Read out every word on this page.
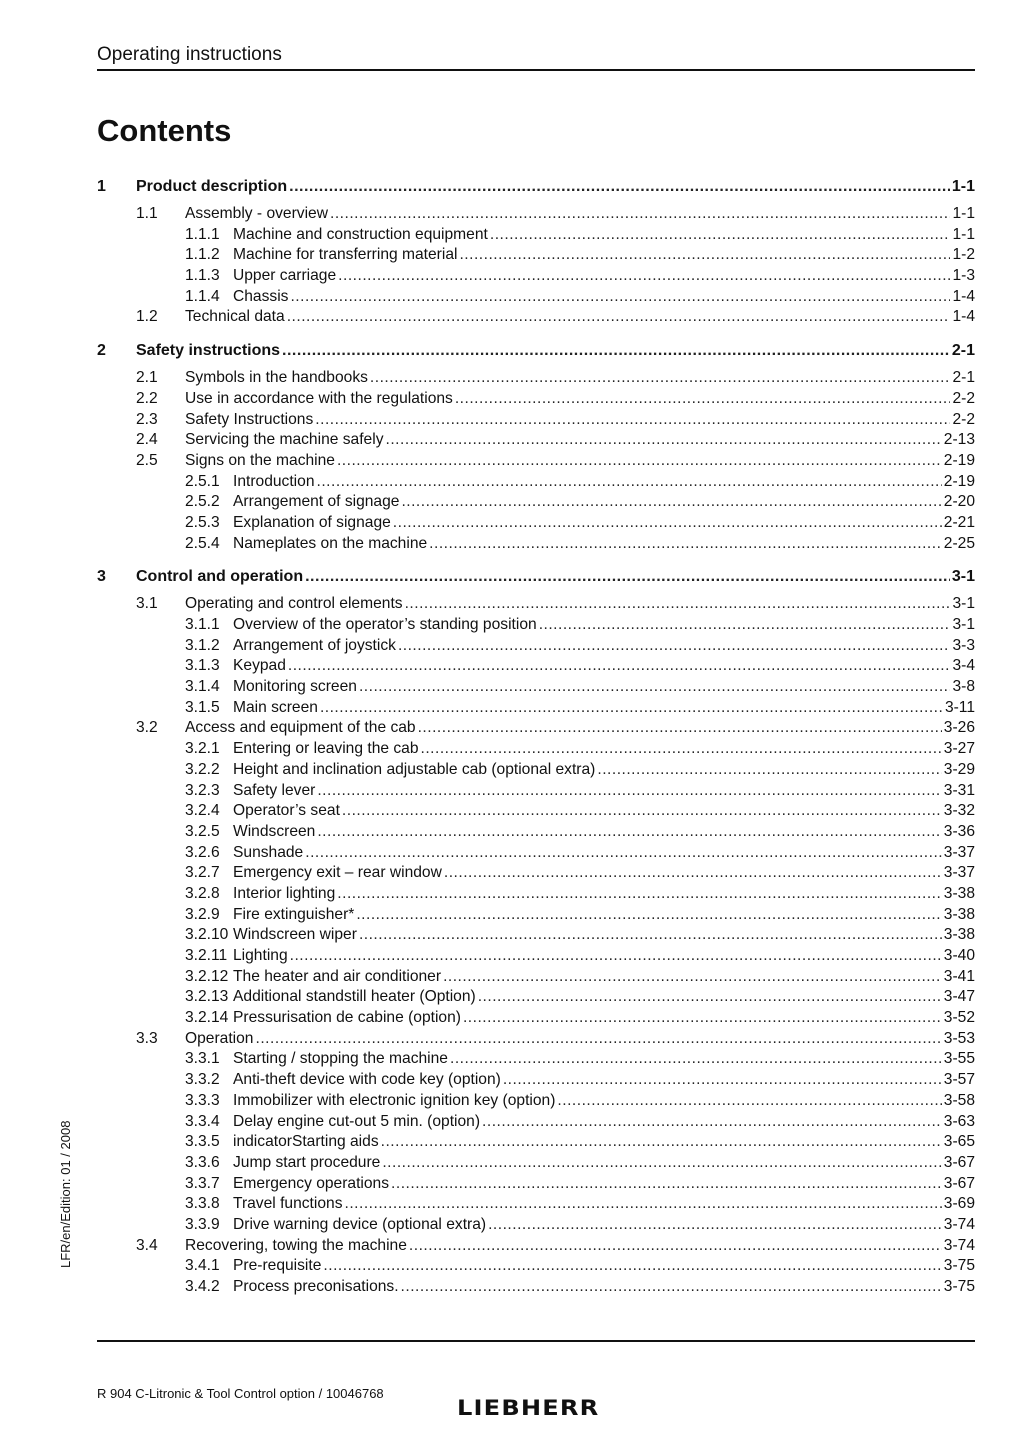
Operating instructions
Contents
1	Product description .....	1-1
1.1	Assembly - overview .....	1-1
1.1.1 Machine and construction equipment .....	1-1
1.1.2 Machine for transferring material .....	1-2
1.1.3 Upper carriage .....	1-3
1.1.4 Chassis .....	1-4
1.2	Technical data .....	1-4
2	Safety instructions .....	2-1
2.1	Symbols in the handbooks .....	2-1
2.2	Use in accordance with the regulations .....	2-2
2.3	Safety Instructions .....	2-2
2.4	Servicing the machine safely .....	2-13
2.5	Signs on the machine .....	2-19
2.5.1 Introduction .....	2-19
2.5.2 Arrangement of signage .....	2-20
2.5.3 Explanation of signage .....	2-21
2.5.4 Nameplates on the machine .....	2-25
3	Control and operation .....	3-1
3.1	Operating and control elements .....	3-1
3.1.1 Overview of the operator’s standing position .....	3-1
3.1.2 Arrangement of joystick .....	3-3
3.1.3 Keypad .....	3-4
3.1.4 Monitoring screen .....	3-8
3.1.5 Main screen .....	3-11
3.2	Access and equipment of the cab .....	3-26
3.2.1 Entering or leaving the cab .....	3-27
3.2.2 Height and inclination adjustable cab (optional extra) .....	3-29
3.2.3 Safety lever .....	3-31
3.2.4 Operator’s seat .....	3-32
3.2.5 Windscreen .....	3-36
3.2.6 Sunshade .....	3-37
3.2.7 Emergency exit – rear window .....	3-37
3.2.8 Interior lighting .....	3-38
3.2.9 Fire extinguisher* .....	3-38
3.2.10 Windscreen wiper .....	3-38
3.2.11 Lighting .....	3-40
3.2.12 The heater and air conditioner .....	3-41
3.2.13 Additional standstill heater (Option) .....	3-47
3.2.14 Pressurisation de cabine (option) .....	3-52
3.3	Operation .....	3-53
3.3.1 Starting / stopping the machine .....	3-55
3.3.2 Anti-theft device with code key (option) .....	3-57
3.3.3 Immobilizer with electronic ignition key (option) .....	3-58
3.3.4 Delay engine cut-out 5 min. (option) .....	3-63
3.3.5 indicatorStarting aids .....	3-65
3.3.6 Jump start procedure .....	3-67
3.3.7 Emergency operations .....	3-67
3.3.8 Travel functions .....	3-69
3.3.9 Drive warning device (optional extra) .....	3-74
3.4	Recovering, towing the machine .....	3-74
3.4.1 Pre-requisite .....	3-75
3.4.2 Process preconisations. .....	3-75
R 904 C-Litronic & Tool Control option / 10046768
LIEBHERR
LFR/en/Edition: 01 / 2008
